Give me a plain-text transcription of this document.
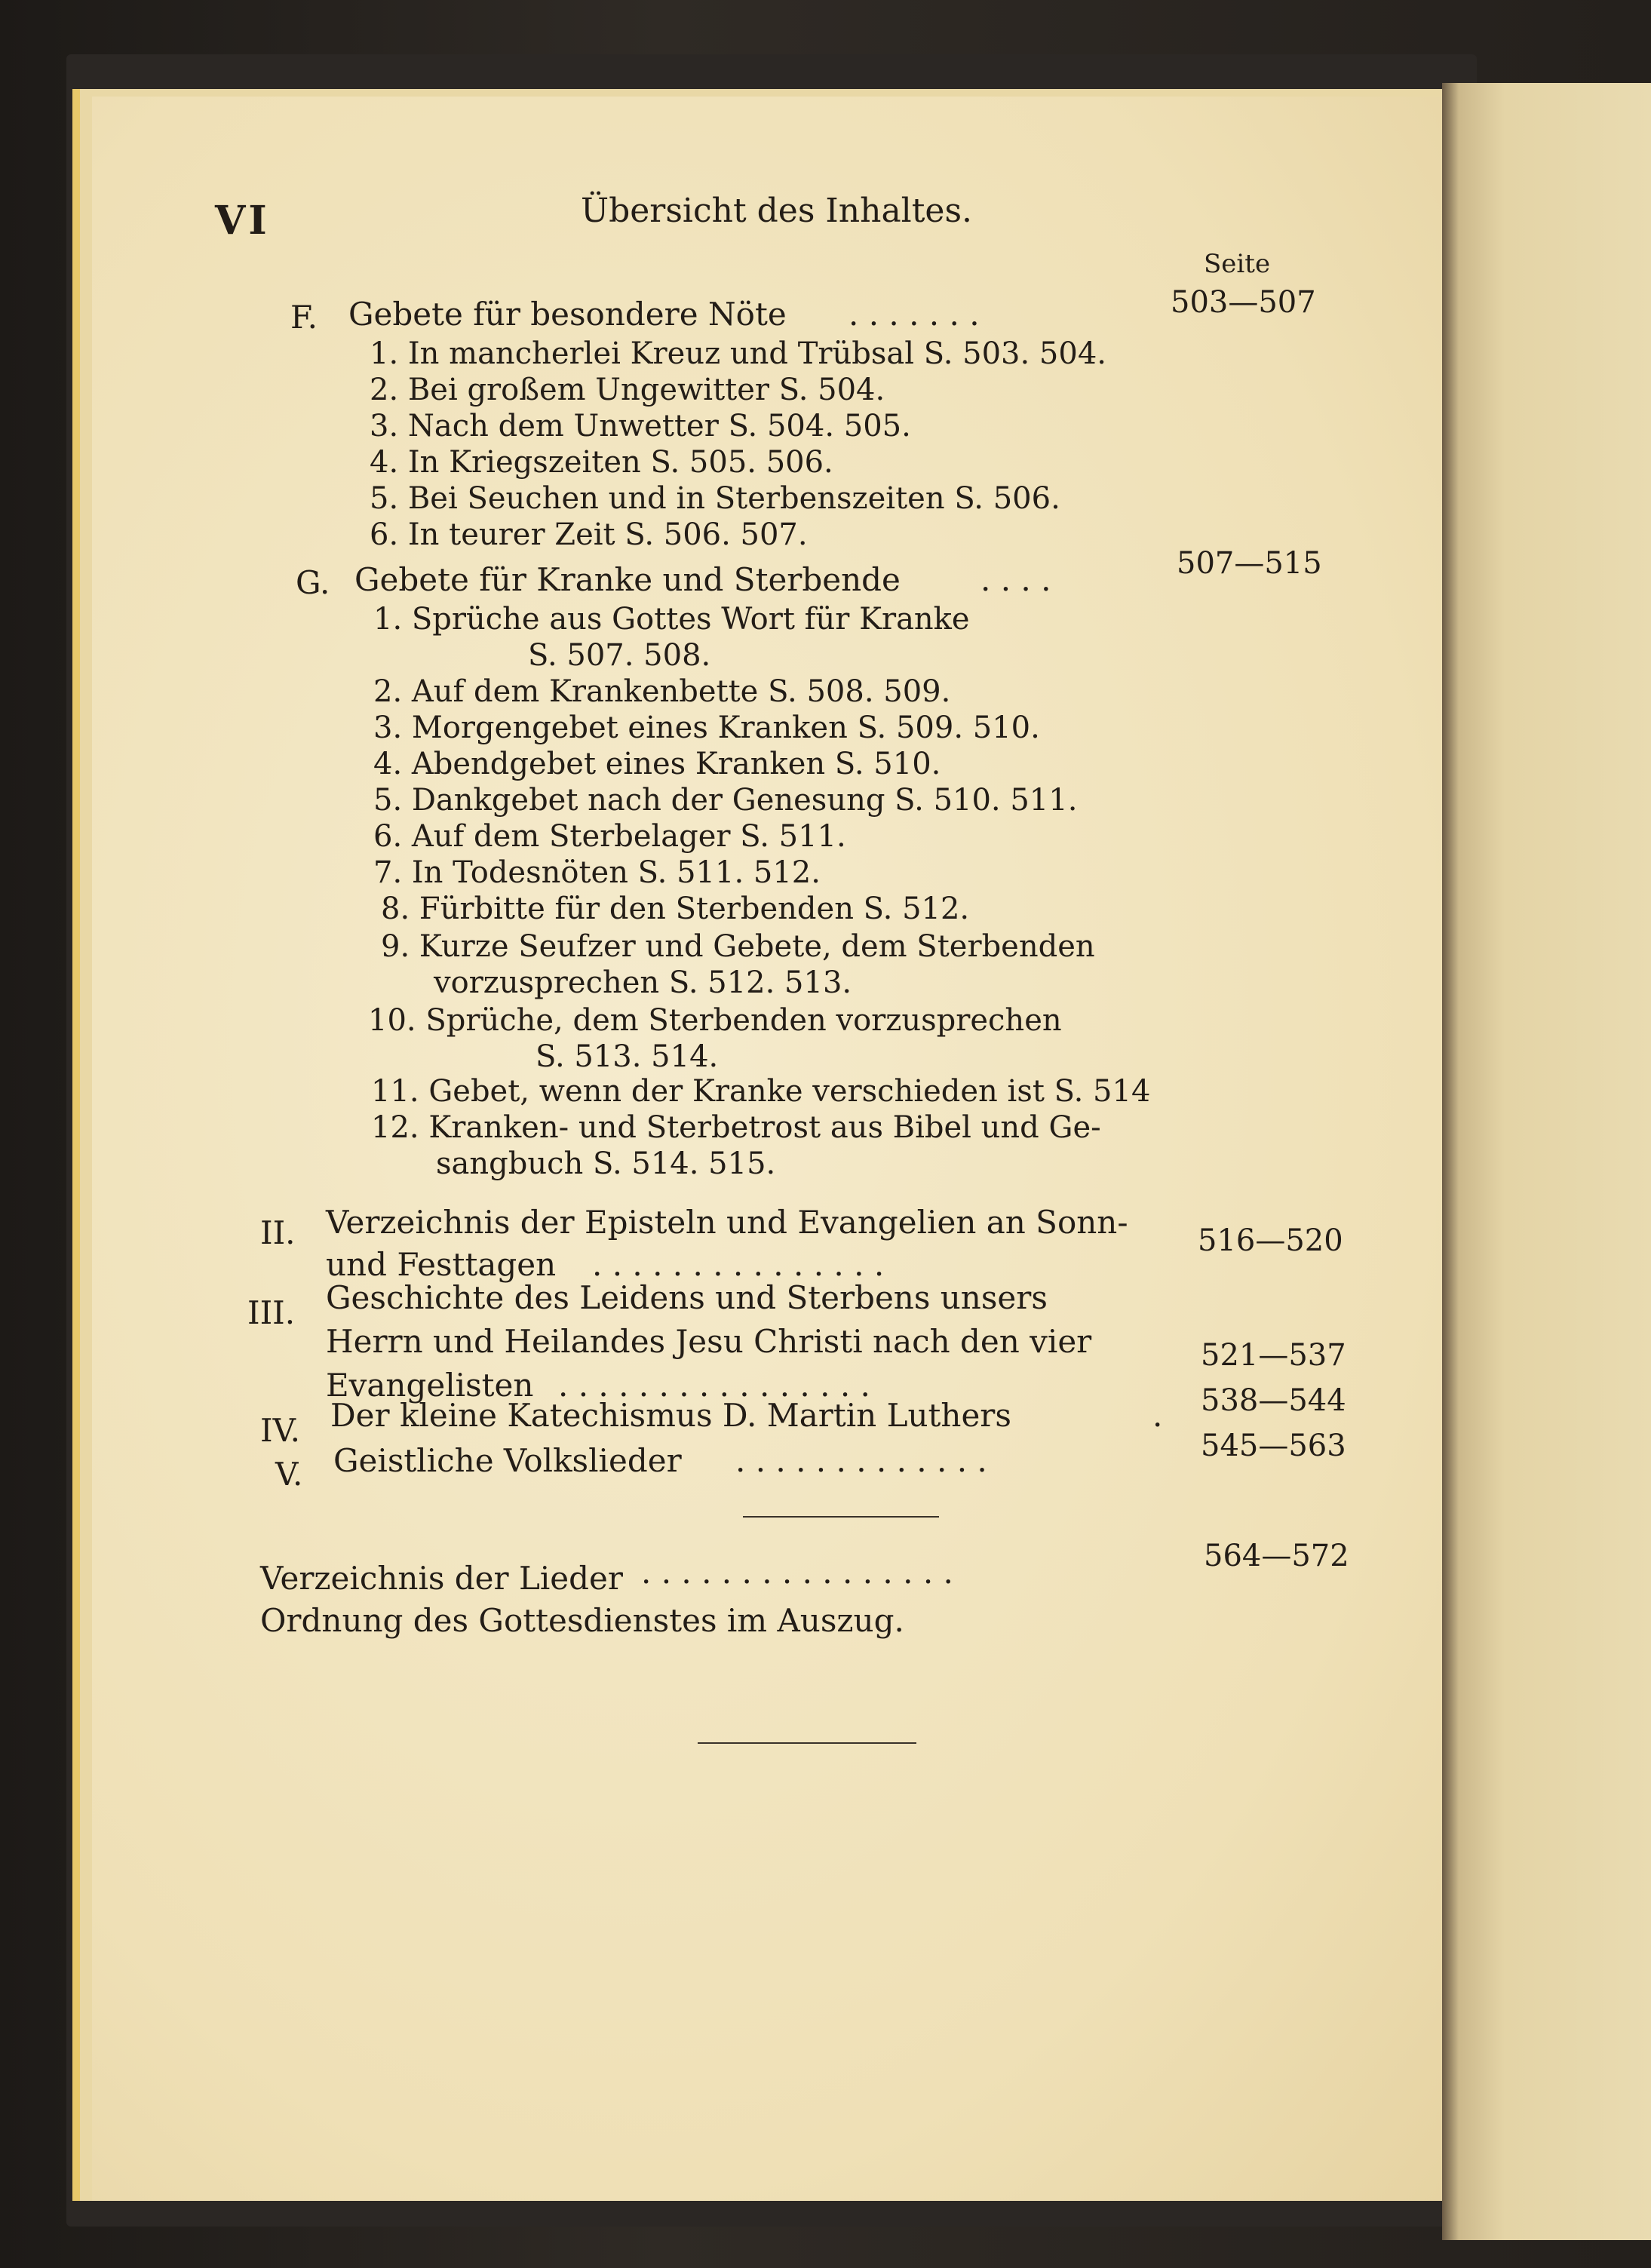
VI	Übersicht des Inhaltes.
Seite
F. Gebete für besondere Nöte . . . . . . .	503—507
1. In mancherlei Kreuz und Trübsal S. 503. 504.
2. Bei großem Ungewitter S. 504.
3. Nach dem Unwetter S. 504. 505.
4. In Kriegszeiten S. 505. 506.
5. Bei Seuchen und in Sterbenszeiten S. 506.
6. In teurer Zeit S. 506. 507.
G. Gebete für Kranke und Sterbende	. . . .	507—515
1. Sprüche aus Gottes Wort für Kranke
S. 507. 508.
2. Auf dem Krankenbette S. 508. 509.
3. Morgengebet eines Kranken S. 509. 510.
4. Abendgebet eines Kranken S. 510.
5. Dankgebet nach der Genesung S. 510. 511.
6. Auf dem Sterbelager S. 511.
7. In Todesnöten S. 511. 512.
8. Fürbitte für den Sterbenden S. 512.
9. Kurze Seufzer und Gebete, dem Sterbenden
vorzusprechen S. 512. 513.
10. Sprüche, dem Sterbenden vorzusprechen
S. 513. 514.
11. Gebet, wenn der Kranke verschieden ist S. 514
12. Kranken- und Sterbetrost aus Bibel und Ge-
sangbuch S. 514. 515.
II. Verzeichnis der Episteln und Evangelien an Sonn-
und Festtagen . . . . . . . . . . . . . . .
516—520
III. Geschichte des Leidens und Sterbens unsers
Herrn und Heilandes Jesu Christi nach den vier
Evangelisten . . . . . . . . . . . . . . . .
521—537
IV. Der kleine Katechismus D. Martin Luthers	. 538—544
V. Geistliche Volkslieder . . . . . . . . . . . . .	545—563
Verzeichnis der Lieder . . . . . . . . . . . . . . . .	564—572
Ordnung des Gottesdienstes im Auszug.
